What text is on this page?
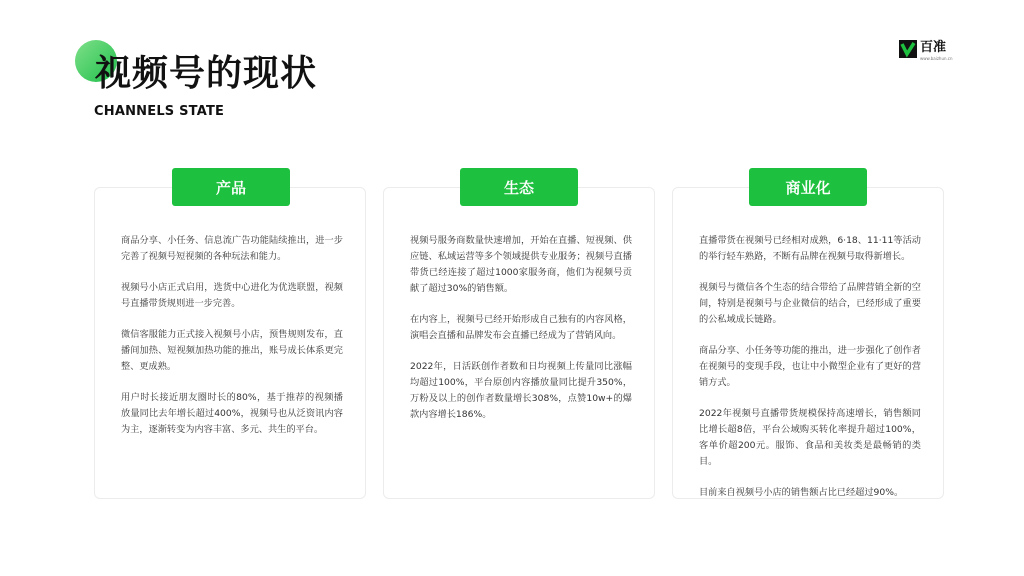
视频号的现状
CHANNELS STATE
百准
www.baizhun.cn

商品分享、小任务、信息流广告功能陆续推出，进一步完善了视频号短视频的各种玩法和能力。

视频号小店正式启用，选货中心进化为优选联盟，视频号直播带货规则进一步完善。

微信客服能力正式接入视频号小店，预售规则发布，直播间加热、短视频加热功能的推出，账号成长体系更完整、更成熟。

用户时长接近朋友圈时长的80%，基于推荐的视频播放量同比去年增长超过400%，视频号也从泛资讯内容为主，逐渐转变为内容丰富、多元、共生的平台。

产品

视频号服务商数量快速增加，开始在直播、短视频、供应链、私域运营等多个领域提供专业服务；视频号直播带货已经连接了超过1000家服务商，他们为视频号贡献了超过30%的销售额。

在内容上，视频号已经开始形成自己独有的内容风格，演唱会直播和品牌发布会直播已经成为了营销风向。

2022年，日活跃创作者数和日均视频上传量同比涨幅均超过100%，平台原创内容播放量同比提升350%，万粉及以上的创作者数量增长308%，点赞10w+的爆款内容增长186%。

生态

直播带货在视频号已经相对成熟，6·18、11·11等活动的举行轻车熟路，不断有品牌在视频号取得新增长。

视频号与微信各个生态的结合带给了品牌营销全新的空间，特别是视频号与企业微信的结合，已经形成了重要的公私域成长链路。

商品分享、小任务等功能的推出，进一步强化了创作者在视频号的变现手段，也让中小微型企业有了更好的营销方式。

2022年视频号直播带货规模保持高速增长，销售额同比增长超8倍，平台公域购买转化率提升超过100%，客单价超200元。服饰、食品和美妆类是最畅销的类目。

目前来自视频号小店的销售额占比已经超过90%。

商业化
